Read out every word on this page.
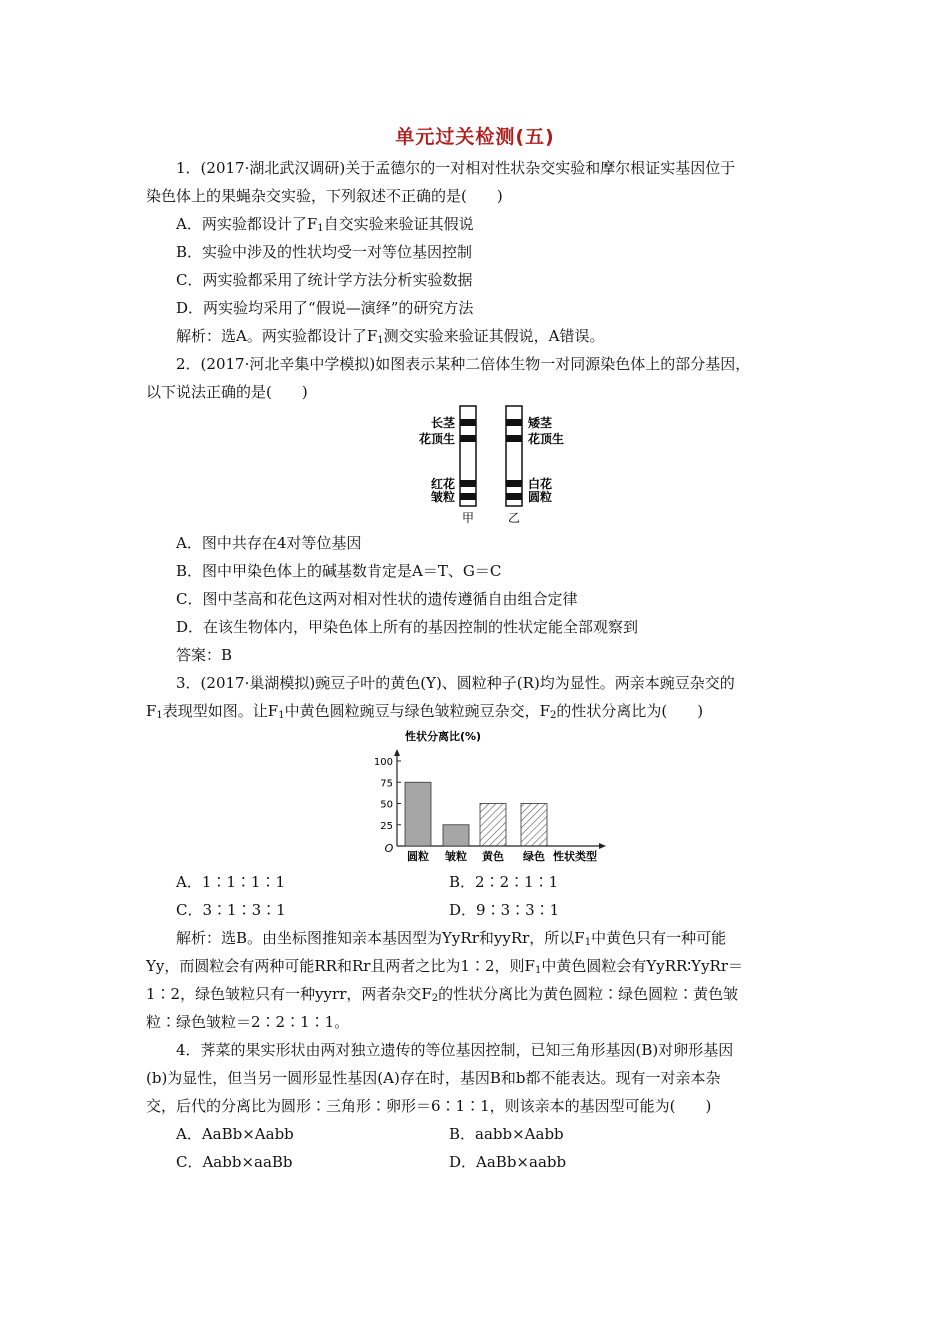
单元过关检测(五)
1．(2017·湖北武汉调研)关于孟德尔的一对相对性状杂交实验和摩尔根证实基因位于
染色体上的果蝇杂交实验，下列叙述不正确的是(　　)
A．两实验都设计了$F_1$自交实验来验证其假说
B．实验中涉及的性状均受一对等位基因控制
C．两实验都采用了统计学方法分析实验数据
D．两实验均采用了“假说—演绎”的研究方法
解析：选A。两实验都设计了$F_1$测交实验来验证其假说，A错误。
2．(2017·河北辛集中学模拟)如图表示某种二倍体生物一对同源染色体上的部分基因，
以下说法正确的是(　　)
长茎
花顶生
红花
皱粒
矮茎
花顶生
白花
圆粒
甲	乙
A．图中共存在4对等位基因
B．图中甲染色体上的碱基数肯定是A＝T、G＝C
C．图中茎高和花色这两对相对性状的遗传遵循自由组合定律
D．在该生物体内，甲染色体上所有的基因控制的性状定能全部观察到
答案：B
3．(2017·巢湖模拟)豌豆子叶的黄色(Y)、圆粒种子(R)均为显性。两亲本豌豆杂交的
$F_1$表现型如图。让$F_1$中黄色圆粒豌豆与绿色皱粒豌豆杂交，$F_2$的性状分离比为(　　)
性状分离比(%)
性状类型
O
25
50
75
100
圆粒 皱粒 黄色 绿色
A．1∶1∶1∶1	B．2∶2∶1∶1
C．3∶1∶3∶1	D．9∶3∶3∶1
解析：选B。由坐标图推知亲本基因型为YyRr和yyRr，所以$F_1$中黄色只有一种可能
Yy，而圆粒会有两种可能RR和Rr且两者之比为1∶2，则$F_1$中黄色圆粒会有YyRR∶YyRr＝
1∶2，绿色皱粒只有一种yyrr，两者杂交$F_2$的性状分离比为黄色圆粒∶绿色圆粒∶黄色皱
粒∶绿色皱粒＝2∶2∶1∶1。
4．荠菜的果实形状由两对独立遗传的等位基因控制，已知三角形基因(B)对卵形基因
(b)为显性，但当另一圆形显性基因(A)存在时，基因B和b都不能表达。现有一对亲本杂
交，后代的分离比为圆形∶三角形∶卵形＝6∶1∶1，则该亲本的基因型可能为(　　)
A．AaBb×Aabb	B．aabb×Aabb
C．Aabb×aaBb	D．AaBb×aabb
